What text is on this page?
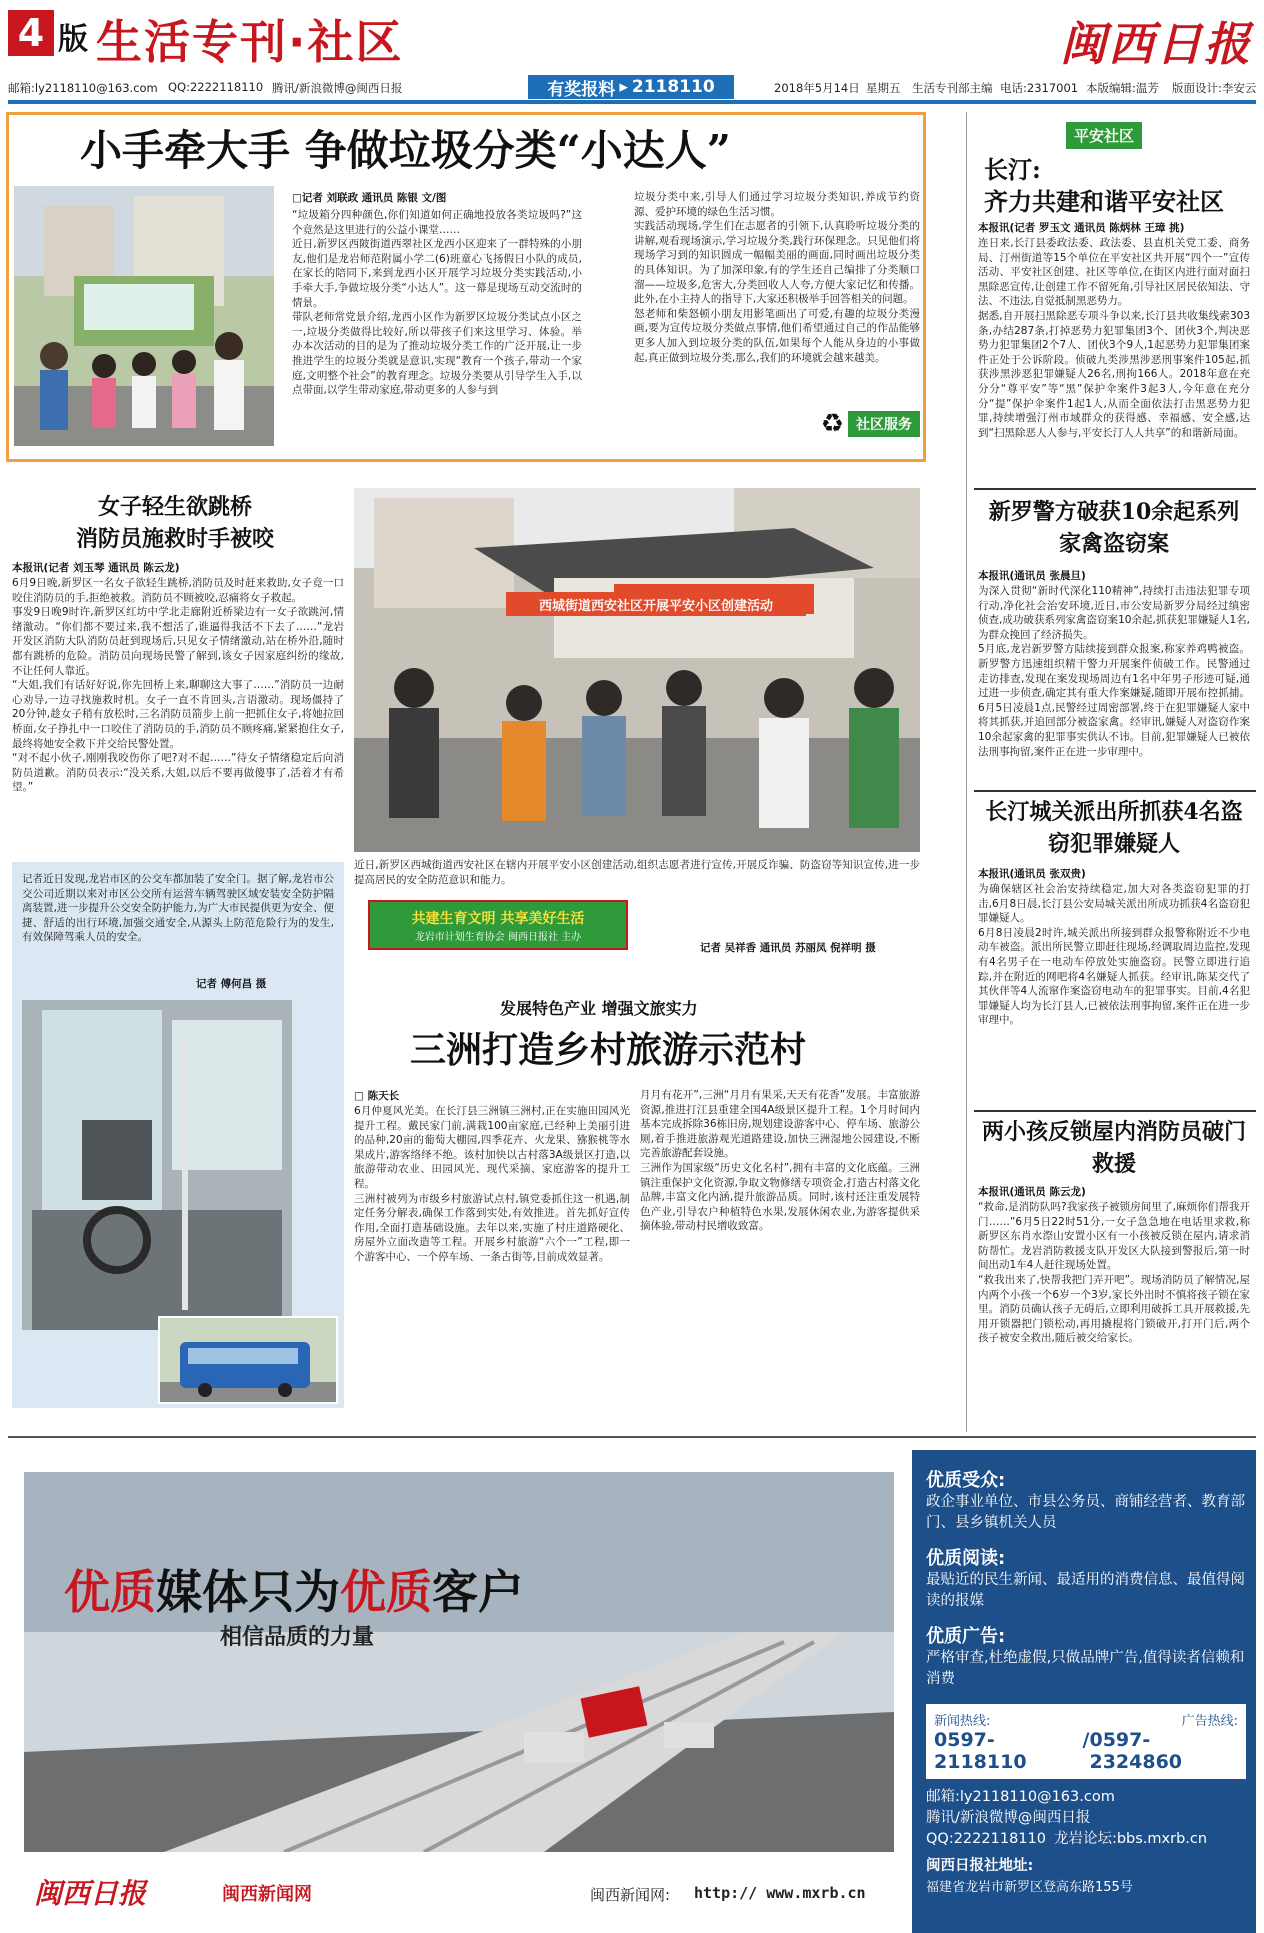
4 版 生活专刊·社区	闽西日报
邮箱:ly2118110@163.com QQ:2222118110 腾讯/新浪微博@闽西日报	有奖报料 ▸ 2118110	2018年5月14日 星期五 生活专刊部主编 电话:2317001 本版编辑:温芳 版面设计:李安云
小手牵大手 争做垃圾分类“小达人”
□记者 刘联政 通讯员 陈银 文/图
“垃圾箱分四种颜色,你们知道如何正确地投放各类垃圾吗?”这个竟然是这里进行的公益小课堂……
近日,新罗区西陂街道西翠社区龙西小区迎来了一群特殊的小朋友,他们是龙岩师范附属小学二(6)班童心飞扬假日小队的成员,在家长的陪同下,来到龙西小区开展学习垃圾分类实践活动,小手牵大手,争做垃圾分类“小达人”。这一幕是现场互动交流时的情景。
带队老师常党景介绍,龙西小区作为新罗区垃圾分类试点小区之一,垃圾分类做得比较好,所以带孩子们来这里学习、体验。举办本次活动的目的是为了推动垃圾分类工作的广泛开展,让一步推进学生的垃圾分类就是意识,实现“教育一个孩子,带动一个家庭,文明整个社会”的教育理念。垃圾分类要从引导学生入手,以点带面,以学生带动家庭,带动更多的人参与到
垃圾分类中来,引导人们通过学习垃圾分类知识,养成节约资源、爱护环境的绿色生活习惯。
实践活动现场,学生们在志愿者的引领下,认真聆听垃圾分类的讲解,观看现场演示,学习垃圾分类,践行环保理念。只见他们将现场学习到的知识圆成一幅幅美丽的画面,同时画出垃圾分类的具体知识。为了加深印象,有的学生还自己编排了分类顺口溜——垃圾多,危害大,分类回收人人夸,方便大家记忆和传播。此外,在小主持人的指导下,大家还积极举手回答相关的问题。
怒老师和柴怒顿小朋友用影笔画出了可爱,有趣的垃圾分类漫画,要为宣传垃圾分类做点事情,他们希望通过自己的作品能够更多人加入到垃圾分类的队伍,如果每个人能从身边的小事做起,真正做到垃圾分类,那么,我们的环境就会越来越美。
♻ 社区服务
平安社区
长汀:
齐力共建和谐平安社区
本报讯(记者 罗玉文 通讯员 陈炳林 王璋 挑)
连日来,长汀县委政法委、政法委、县直机关党工委、商务局、汀州街道等15个单位在平安社区共开展“四个一”宣传活动、平安社区创建、社区等单位,在街区内进行面对面扫黑除恶宣传,让创建工作不留死角,引导社区居民依知法、守法、不违法,自觉抵制黑恶势力。
据悉,自开展扫黑除恶专项斗争以来,长汀县共收集线索303条,办结287条,打掉恶势力犯罪集团3个、团伙3个,判决恶势力犯罪集团2个7人、团伙3个9人,1起恶势力犯罪集团案件正处于公诉阶段。侦破九类涉黑涉恶刑事案件105起,抓获涉黑涉恶犯罪嫌疑人26名,刑拘166人。2018年意在充分分“尊平安”等“黑”保护伞案件3起3人,今年意在充分分“提”保护伞案件1起1人,从而全面依法打击黑恶势力犯罪,持续增强汀州市域群众的获得感、幸福感、安全感,达到“扫黑除恶人人参与,平安长汀人人共享”的和谐新局面。
新罗警方破获10余起系列家禽盗窃案
本报讯(通讯员 张晨旦)
为深入贯彻“新时代深化110精神”,持续打击违法犯罪专项行动,净化社会治安环境,近日,市公安局新罗分局经过缜密侦查,成功破获系列家禽盗窃案10余起,抓获犯罪嫌疑人1名,为群众挽回了经济损失。
5月底,龙岩新罗警方陆续接到群众报案,称家养鸡鸭被盗。新罗警方迅速组织精干警力开展案件侦破工作。民警通过走访排查,发现在案发现场周边有1名中年男子形迹可疑,通过进一步侦查,确定其有重大作案嫌疑,随即开展布控抓捕。6月5日凌晨1点,民警经过周密部署,终于在犯罪嫌疑人家中将其抓获,并追回部分被盗家禽。经审讯,嫌疑人对盗窃作案10余起家禽的犯罪事实供认不讳。目前,犯罪嫌疑人已被依法刑事拘留,案件正在进一步审理中。
长汀城关派出所抓获4名盗窃犯罪嫌疑人
本报讯(通讯员 张双贵)
为确保辖区社会治安持续稳定,加大对各类盗窃犯罪的打击,6月8日晨,长汀县公安局城关派出所成功抓获4名盗窃犯罪嫌疑人。
6月8日凌晨2时许,城关派出所接到群众报警称附近不少电动车被盗。派出所民警立即赶往现场,经调取周边监控,发现有4名男子在一电动车停放处实施盗窃。民警立即进行追踪,并在附近的网吧将4名嫌疑人抓获。经审讯,陈某交代了其伙伴等4人流窜作案盗窃电动车的犯罪事实。目前,4名犯罪嫌疑人均为长汀县人,已被依法刑事拘留,案件正在进一步审理中。
两小孩反锁屋内消防员破门救援
本报讯(通讯员 陈云龙)
“救命,是消防队吗?我家孩子被锁房间里了,麻烦你们帮我开门……”6月5日22时51分,一女子急急地在电话里求救,称新罗区东肖水漈山安置小区有一小孩被反锁在屋内,请求消防帮忙。龙岩消防救援支队开发区大队接到警报后,第一时间出动1车4人赶往现场处置。
“救我出来了,快帮我把门弄开吧”。现场消防员了解情况,屋内两个小孩一个6岁一个3岁,家长外出时不慎将孩子锁在家里。消防员确认孩子无碍后,立即利用破拆工具开展救援,先用开锁器把门锁松动,再用撬棍将门锁破开,打开门后,两个孩子被安全救出,随后被交给家长。
女子轻生欲跳桥
消防员施救时手被咬
本报讯(记者 刘玉琴 通讯员 陈云龙)
6月9日晚,新罗区一名女子欲轻生跳桥,消防员及时赶来救助,女子竟一口咬住消防员的手,拒绝被救。消防员不顾被咬,忍痛将女子救起。
事发9日晚9时许,新罗区红坊中学北走廊附近桥梁边有一女子欲跳河,情绪激动。“你们都不要过来,我不想活了,谁逼得我活不下去了……”龙岩开发区消防大队消防员赶到现场后,只见女子情绪激动,站在桥外沿,随时都有跳桥的危险。消防员向现场民警了解到,该女子因家庭纠纷的缘故,不让任何人靠近。
“大姐,我们有话好好说,你先回桥上来,聊聊这大事了……”消防员一边耐心劝导,一边寻找施救时机。女子一直不肯回头,言语激动。现场僵持了20分钟,趁女子稍有放松时,三名消防员箭步上前一把抓住女子,将她拉回桥面,女子挣扎中一口咬住了消防员的手,消防员不顾疼痛,紧紧抱住女子,最终将她安全救下并交给民警处置。
“对不起小伙子,刚刚我咬伤你了吧?对不起……”待女子情绪稳定后向消防员道歉。消防员表示:“没关系,大姐,以后不要再做傻事了,活着才有希望。”
记者近日发现,龙岩市区的公交车都加装了安全门。据了解,龙岩市公交公司近期以来对市区公交所有运营车辆驾驶区域安装安全防护隔离装置,进一步提升公交安全防护能力,为广大市民提供更为安全、便捷、舒适的出行环境,加强交通安全,从源头上防范危险行为的发生,有效保障驾乘人员的安全。
记者 傅何昌 摄
西城街道西安社区开展平安小区创建活动
近日,新罗区西城街道西安社区在辖内开展平安小区创建活动,组织志愿者进行宣传,开展反诈骗、防盗窃等知识宣传,进一步提高居民的安全防范意识和能力。
记者 吴祥香 通讯员 苏丽凤 倪祥明 摄
共建生育文明 共享美好生活
龙岩市计划生育协会 闽西日报社 主办
发展特色产业 增强文旅实力
三洲打造乡村旅游示范村
□ 陈天长
6月仲夏风光美。在长汀县三洲镇三洲村,正在实施田园风光提升工程。戴民家门前,满栽100亩家庭,已经种上美丽引进的品种,20亩的葡萄大棚园,四季花卉、火龙果、猕猴桃等水果成片,游客络绎不绝。该村加快以古村落3A级景区打造,以旅游带动农业、田园风光、现代采摘、家庭游客的提升工程。
三洲村被列为市级乡村旅游试点村,镇党委抓住这一机遇,制定任务分解表,确保工作落到实处,有效推进。首先抓好宣传作用,全面打造基础设施。去年以来,实施了村庄道路硬化、房屋外立面改造等工程。开展乡村旅游“六个一”工程,即一个游客中心、一个停车场、一条古街等,目前成效显著。
月月有花开”,三洲“月月有果采,天天有花香”发展。丰富旅游资源,推进打江县重建全国4A级景区提升工程。1个月时间内基本完成拆除36栋旧房,规划建设游客中心、停车场、旅游公厕,着手推进旅游观光道路建设,加快三洲湿地公园建设,不断完善旅游配套设施。
三洲作为国家级“历史文化名村”,拥有丰富的文化底蕴。三洲镇注重保护文化资源,争取文物修缮专项资金,打造古村落文化品牌,丰富文化内涵,提升旅游品质。同时,该村还注重发展特色产业,引导农户种植特色水果,发展休闲农业,为游客提供采摘体验,带动村民增收致富。
优质媒体只为优质客户
相信品质的力量
闽西日报	闽西新闻网	闽西新闻网: http:// www.mxrb.cn
优质受众:
政企事业单位、市县公务员、商铺经营者、教育部门、县乡镇机关人员
优质阅读:
最贴近的民生新闻、最适用的消费信息、最值得阅读的报媒
优质广告:
严格审查,杜绝虚假,只做品牌广告,值得读者信赖和消费
新闻热线:	广告热线:
0597-2118110
/ 0597-2324860
邮箱:ly2118110@163.com
腾讯/新浪微博@闽西日报
QQ:2222118110 龙岩论坛:bbs.mxrb.cn
闽西日报社地址:
福建省龙岩市新罗区登高东路155号
